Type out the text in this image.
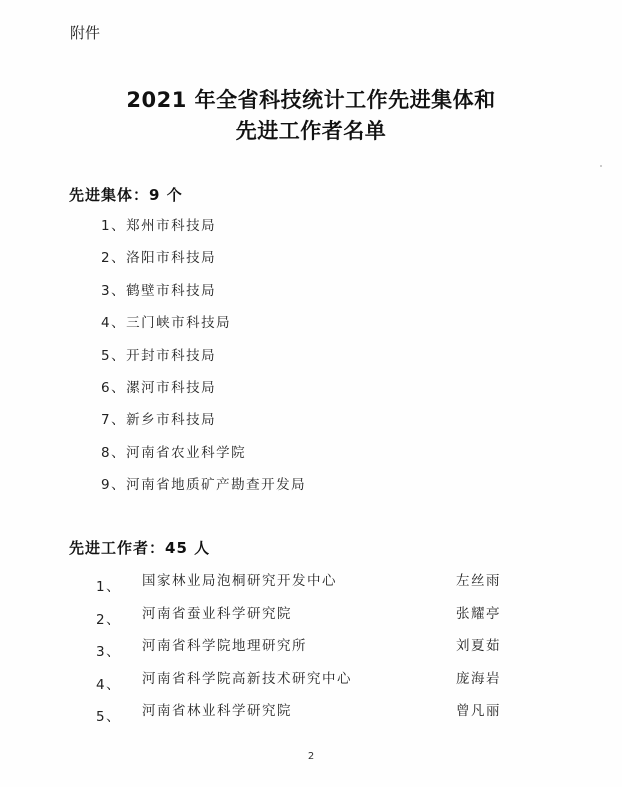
附件
2021 年全省科技统计工作先进集体和
先进工作者名单
先进集体：9 个
1、郑州市科技局
2、洛阳市科技局
3、鹤壁市科技局
4、三门峡市科技局
5、开封市科技局
6、漯河市科技局
7、新乡市科技局
8、河南省农业科学院
9、河南省地质矿产勘查开发局
先进工作者：45 人
1、 国家林业局泡桐研究开发中心	左丝雨
2、 河南省蚕业科学研究院	张耀亭
3、 河南省科学院地理研究所	刘夏茹
4、 河南省科学院高新技术研究中心	庞海岩
5、 河南省林业科学研究院	曾凡丽
2
